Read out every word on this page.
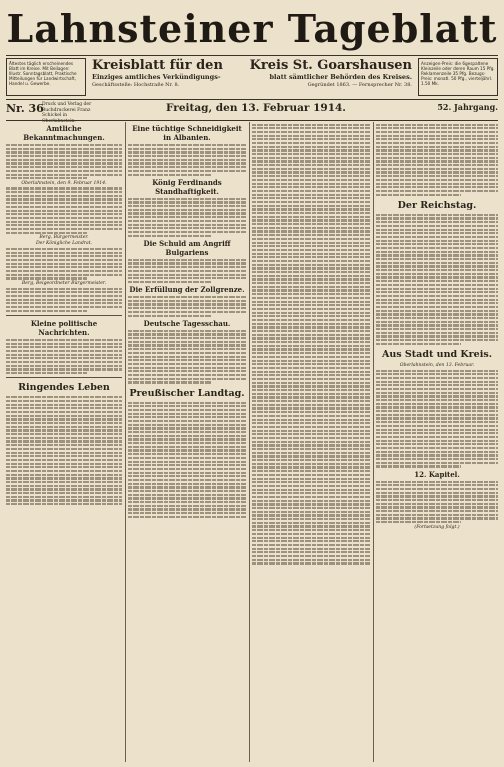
Lahnsteiner Tageblatt
Ältestes täglich erscheinendes Blatt im Kreise. Mit Beilagen: Illustr. Sonntagsblatt, Praktische Mitteilungen für Landwirtschaft, Handel u. Gewerbe.
Kreisblatt für den Kreis St. Goarshausen
Einziges amtliches Verkündigungs-	blatt sämtlicher Behörden des Kreises.
Geschäftsstelle: Hochstraße Nr. 8.	Gegründet 1863. — Fernsprecher Nr. 38.
Anzeigen-Preis: die 6gespaltene Kleinzeile oder deren Raum 15 Pfg. Reklamenzeile 35 Pfg. Bezugs-Preis: monatl. 50 Pfg., vierteljährl. 1.50 Mk.
Nr. 36
Druck und Verlag der Buchdruckerei Franz Schickel in Oberlahnstein.
Freitag, den 13. Februar 1914.	52. Jahrgang.
Amtliche Bekanntmachungen.
Oberlahnstein, den 9. Februar 1914.
Berg, Bürgermeister.
Der Königliche Landrat.
Berg, Beigeordneter Bürgermeister.
Kleine politische Nachrichten.
Ringendes Leben
Eine tüchtige Schneidigkeit in Albanien.
König Ferdinands Standhaftigkeit.
Die Schuld am Angriff Bulgariens
Die Erfüllung der Zollgrenze.
Deutsche Tagesschau.
Preußischer Landtag.
Der Reichstag.
Aus Stadt und Kreis.
Oberlahnstein, den 13. Februar.
12. Kapitel.
(Fortsetzung folgt.)
